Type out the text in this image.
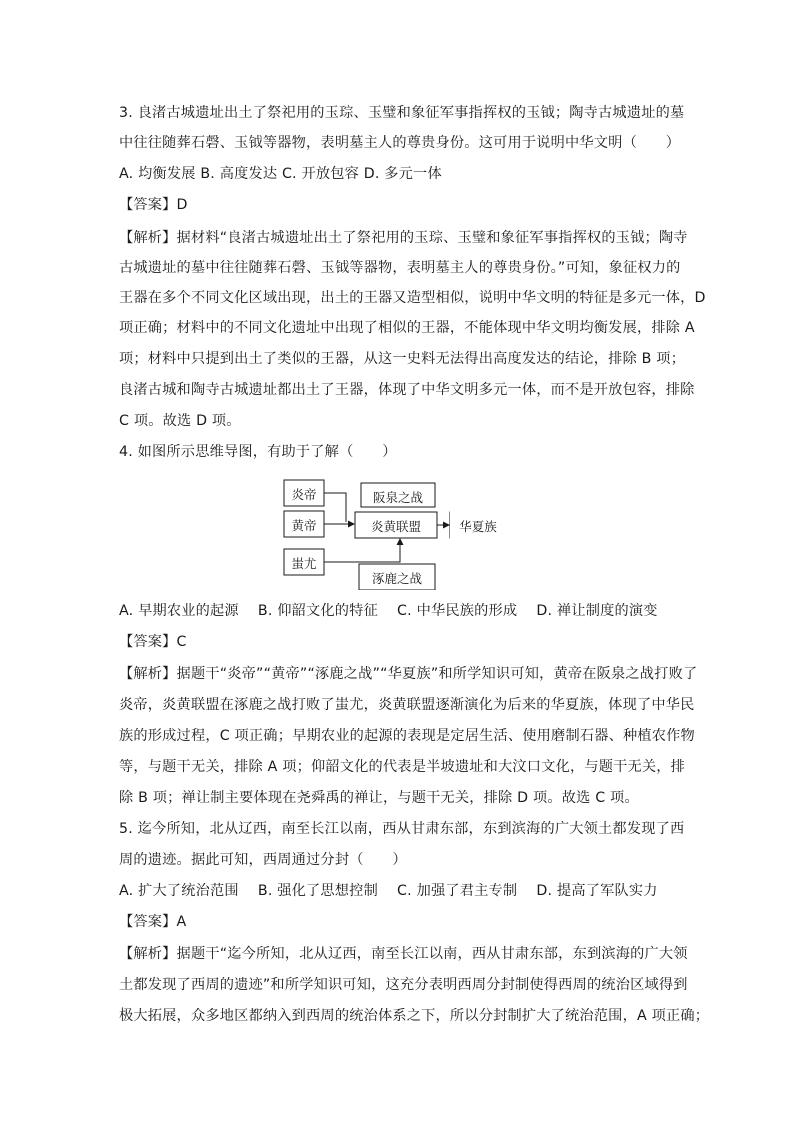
3. 良渚古城遗址出土了祭祀用的玉琮、玉璧和象征军事指挥权的玉钺；陶寺古城遗址的墓
中往往随葬石磬、玉钺等器物，表明墓主人的尊贵身份。这可用于说明中华文明（　　）
A. 均衡发展 B. 高度发达 C. 开放包容 D. 多元一体
【答案】D
【解析】据材料“良渚古城遗址出土了祭祀用的玉琮、玉璧和象征军事指挥权的玉钺；陶寺
古城遗址的墓中往往随葬石磬、玉钺等器物，表明墓主人的尊贵身份。”可知，象征权力的
王器在多个不同文化区域出现，出土的王器又造型相似，说明中华文明的特征是多元一体，D
项正确；材料中的不同文化遗址中出现了相似的王器，不能体现中华文明均衡发展，排除 A
项；材料中只提到出土了类似的王器，从这一史料无法得出高度发达的结论，排除 B 项；
良渚古城和陶寺古城遗址都出土了王器，体现了中华文明多元一体，而不是开放包容，排除
C 项。故选 D 项。
4. 如图所示思维导图，有助于了解（　　）
A. 早期农业的起源　 B. 仰韶文化的特征　 C. 中华民族的形成　 D. 禅让制度的演变
【答案】C
【解析】据题干“炎帝”“黄帝”“涿鹿之战”“华夏族”和所学知识可知，黄帝在阪泉之战打败了
炎帝，炎黄联盟在涿鹿之战打败了蚩尤，炎黄联盟逐渐演化为后来的华夏族，体现了中华民
族的形成过程，C 项正确；早期农业的起源的表现是定居生活、使用磨制石器、种植农作物
等，与题干无关，排除 A 项；仰韶文化的代表是半坡遗址和大汶口文化，与题干无关，排
除 B 项；禅让制主要体现在尧舜禹的禅让，与题干无关，排除 D 项。故选 C 项。
5. 迄今所知，北从辽西，南至长江以南，西从甘肃东部，东到滨海的广大领土都发现了西
周的遗迹。据此可知，西周通过分封（　　）
A. 扩大了统治范围　 B. 强化了思想控制　 C. 加强了君主专制　 D. 提高了军队实力
【答案】A
【解析】据题干“迄今所知，北从辽西，南至长江以南，西从甘肃东部，东到滨海的广大领
土都发现了西周的遗迹”和所学知识可知，这充分表明西周分封制使得西周的统治区域得到
极大拓展，众多地区都纳入到西周的统治体系之下，所以分封制扩大了统治范围，A 项正确；
炎帝
黄帝
蚩尤
阪泉之战
炎黄联盟	华夏族
涿鹿之战
